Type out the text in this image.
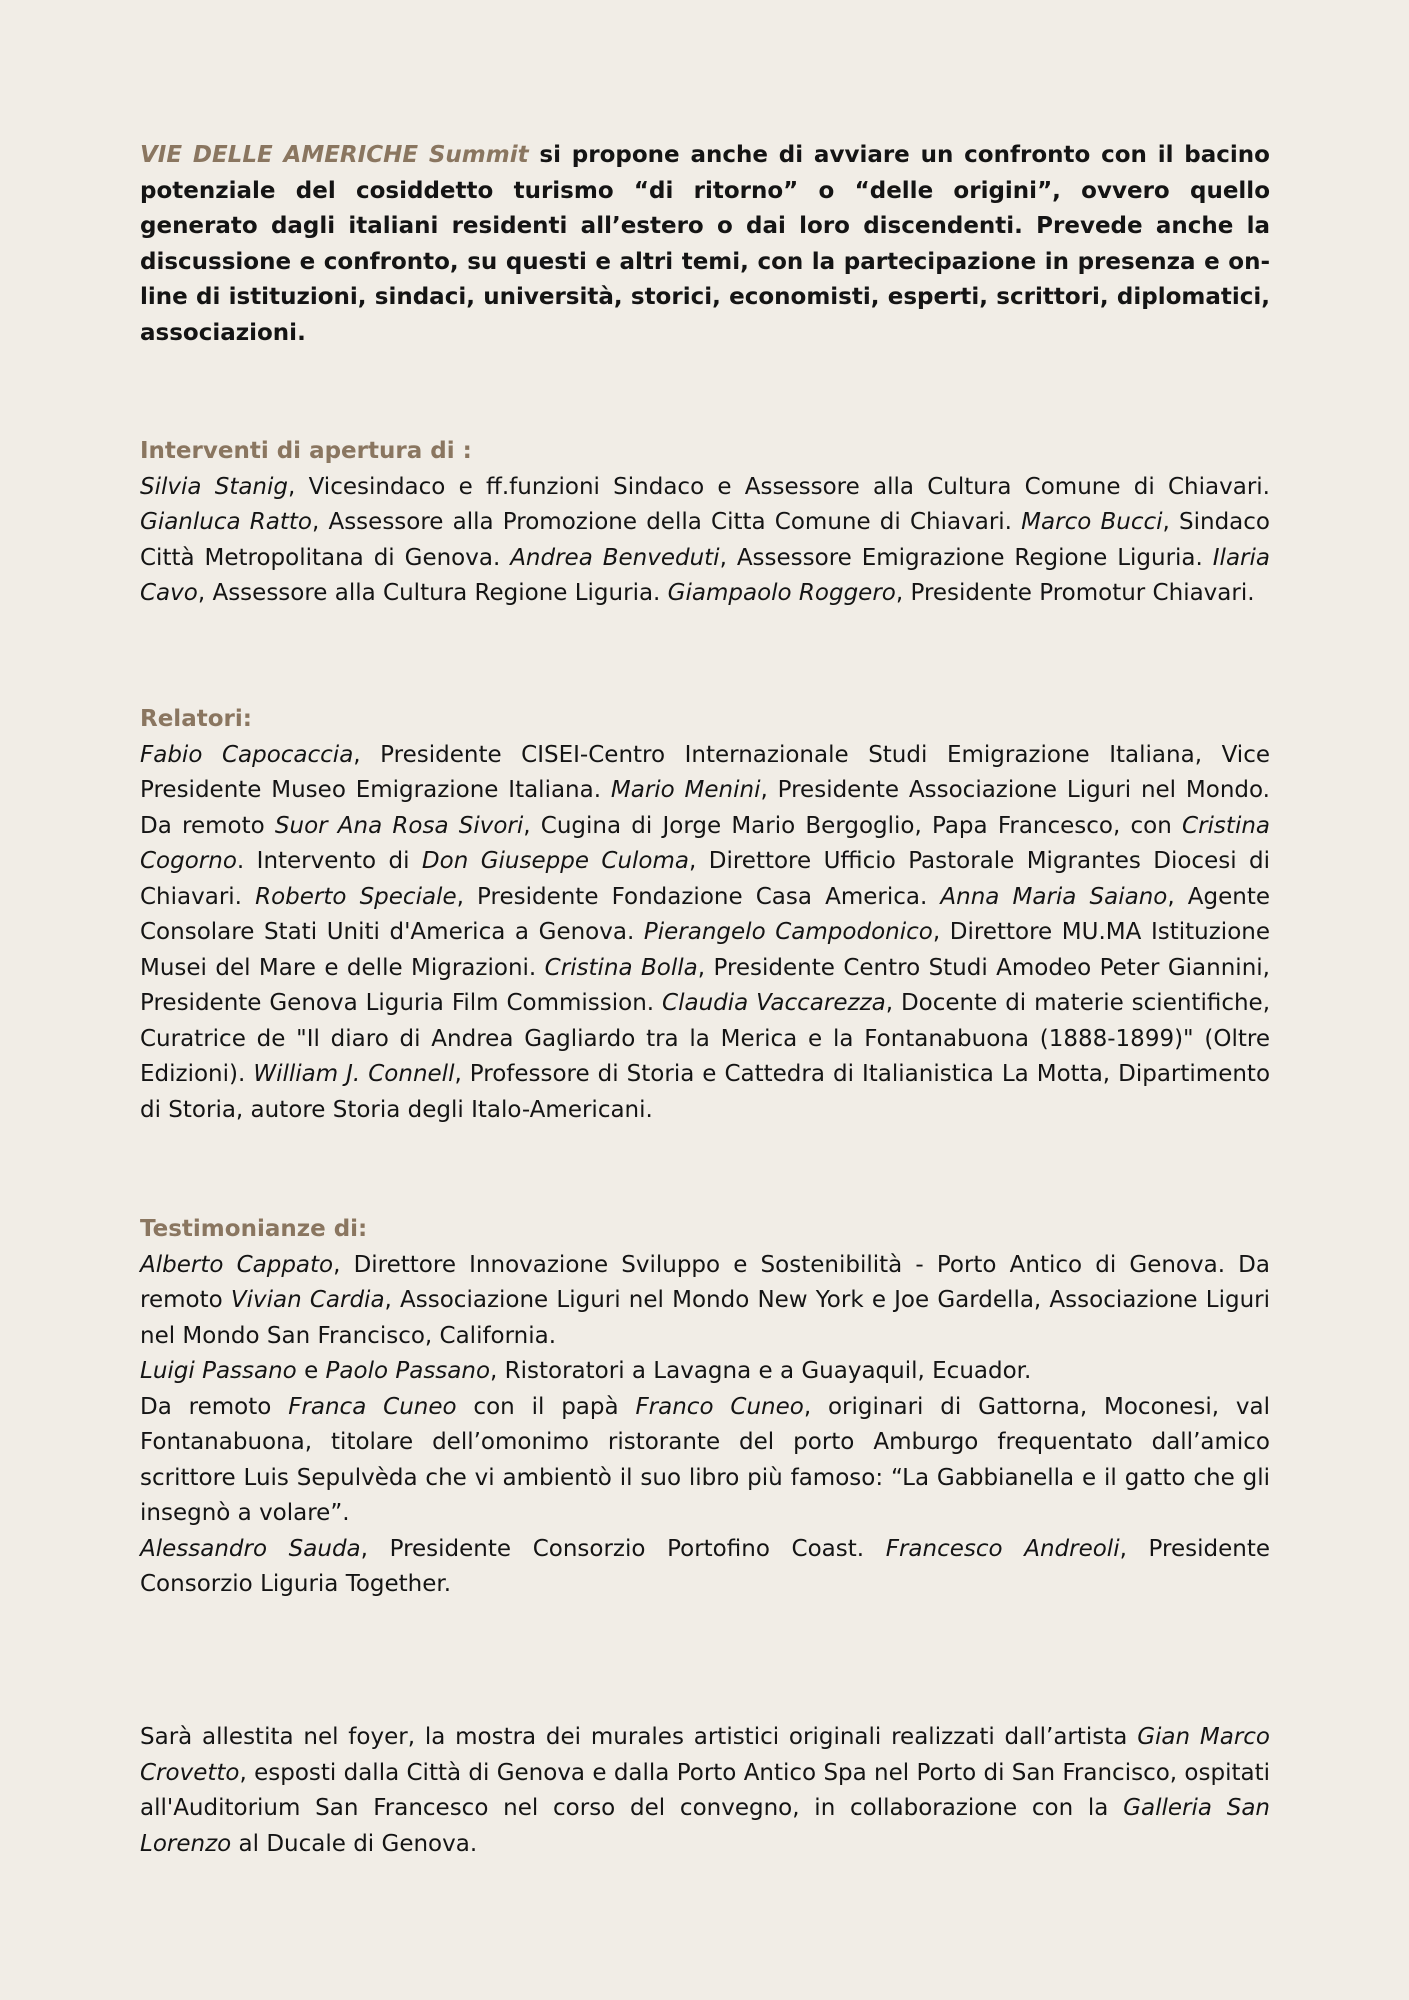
VIE DELLE AMERICHE Summit si propone anche di avviare un confronto con il bacino potenziale del cosiddetto turismo “di ritorno” o “delle origini”, ovvero quello generato dagli italiani residenti all’estero o dai loro discendenti. Prevede anche la discussione e confronto, su questi e altri temi, con la partecipazione in presenza e on- line di istituzioni, sindaci, università, storici, economisti, esperti, scrittori, diplomatici, associazioni.
Interventi di apertura di :

Silvia Stanig, Vicesindaco e ff.funzioni Sindaco e Assessore alla Cultura Comune di Chiavari. Gianluca Ratto, Assessore alla Promozione della Citta Comune di Chiavari. Marco Bucci, Sindaco Città Metropolitana di Genova. Andrea Benveduti, Assessore Emigrazione Regione Liguria. Ilaria Cavo, Assessore alla Cultura Regione Liguria. Giampaolo Roggero, Presidente Promotur Chiavari.

Relatori:

Fabio Capocaccia, Presidente CISEI-Centro Internazionale Studi Emigrazione Italiana, Vice Presidente Museo Emigrazione Italiana. Mario Menini, Presidente Associazione Liguri nel Mondo. Da remoto Suor Ana Rosa Sivori, Cugina di Jorge Mario Bergoglio, Papa Francesco, con Cristina Cogorno. Intervento di Don Giuseppe Culoma, Direttore Ufficio Pastorale Migrantes Diocesi di Chiavari. Roberto Speciale, Presidente Fondazione Casa America. Anna Maria Saiano, Agente Consolare Stati Uniti d'America a Genova. Pierangelo Campodonico, Direttore MU.MA Istituzione Musei del Mare e delle Migrazioni. Cristina Bolla, Presidente Centro Studi Amodeo Peter Giannini, Presidente Genova Liguria Film Commission. Claudia Vaccarezza, Docente di materie scientifiche, Curatrice de "Il diaro di Andrea Gagliardo tra la Merica e la Fontanabuona (1888-1899)" (Oltre Edizioni). William J. Connell, Professore di Storia e Cattedra di Italianistica La Motta, Dipartimento di Storia, autore Storia degli Italo-Americani.

Testimonianze di:

Alberto Cappato, Direttore Innovazione Sviluppo e Sostenibilità - Porto Antico di Genova. Da remoto Vivian Cardia, Associazione Liguri nel Mondo New York e Joe Gardella, Associazione Liguri nel Mondo San Francisco, California.

Luigi Passano e Paolo Passano, Ristoratori a Lavagna e a Guayaquil, Ecuador.

Da remoto Franca Cuneo con il papà Franco Cuneo, originari di Gattorna, Moconesi, val Fontanabuona, titolare dell’omonimo ristorante del porto Amburgo frequentato dall’amico scrittore Luis Sepulvèda che vi ambientò il suo libro più famoso: “La Gabbianella e il gatto che gli insegnò a volare”.

Alessandro Sauda, Presidente Consorzio Portofino Coast. Francesco Andreoli, Presidente Consorzio Liguria Together.

Sarà allestita nel foyer, la mostra dei murales artistici originali realizzati dall’artista Gian Marco Crovetto, esposti dalla Città di Genova e dalla Porto Antico Spa nel Porto di San Francisco, ospitati all'Auditorium San Francesco nel corso del convegno, in collaborazione con la Galleria San Lorenzo al Ducale di Genova.
